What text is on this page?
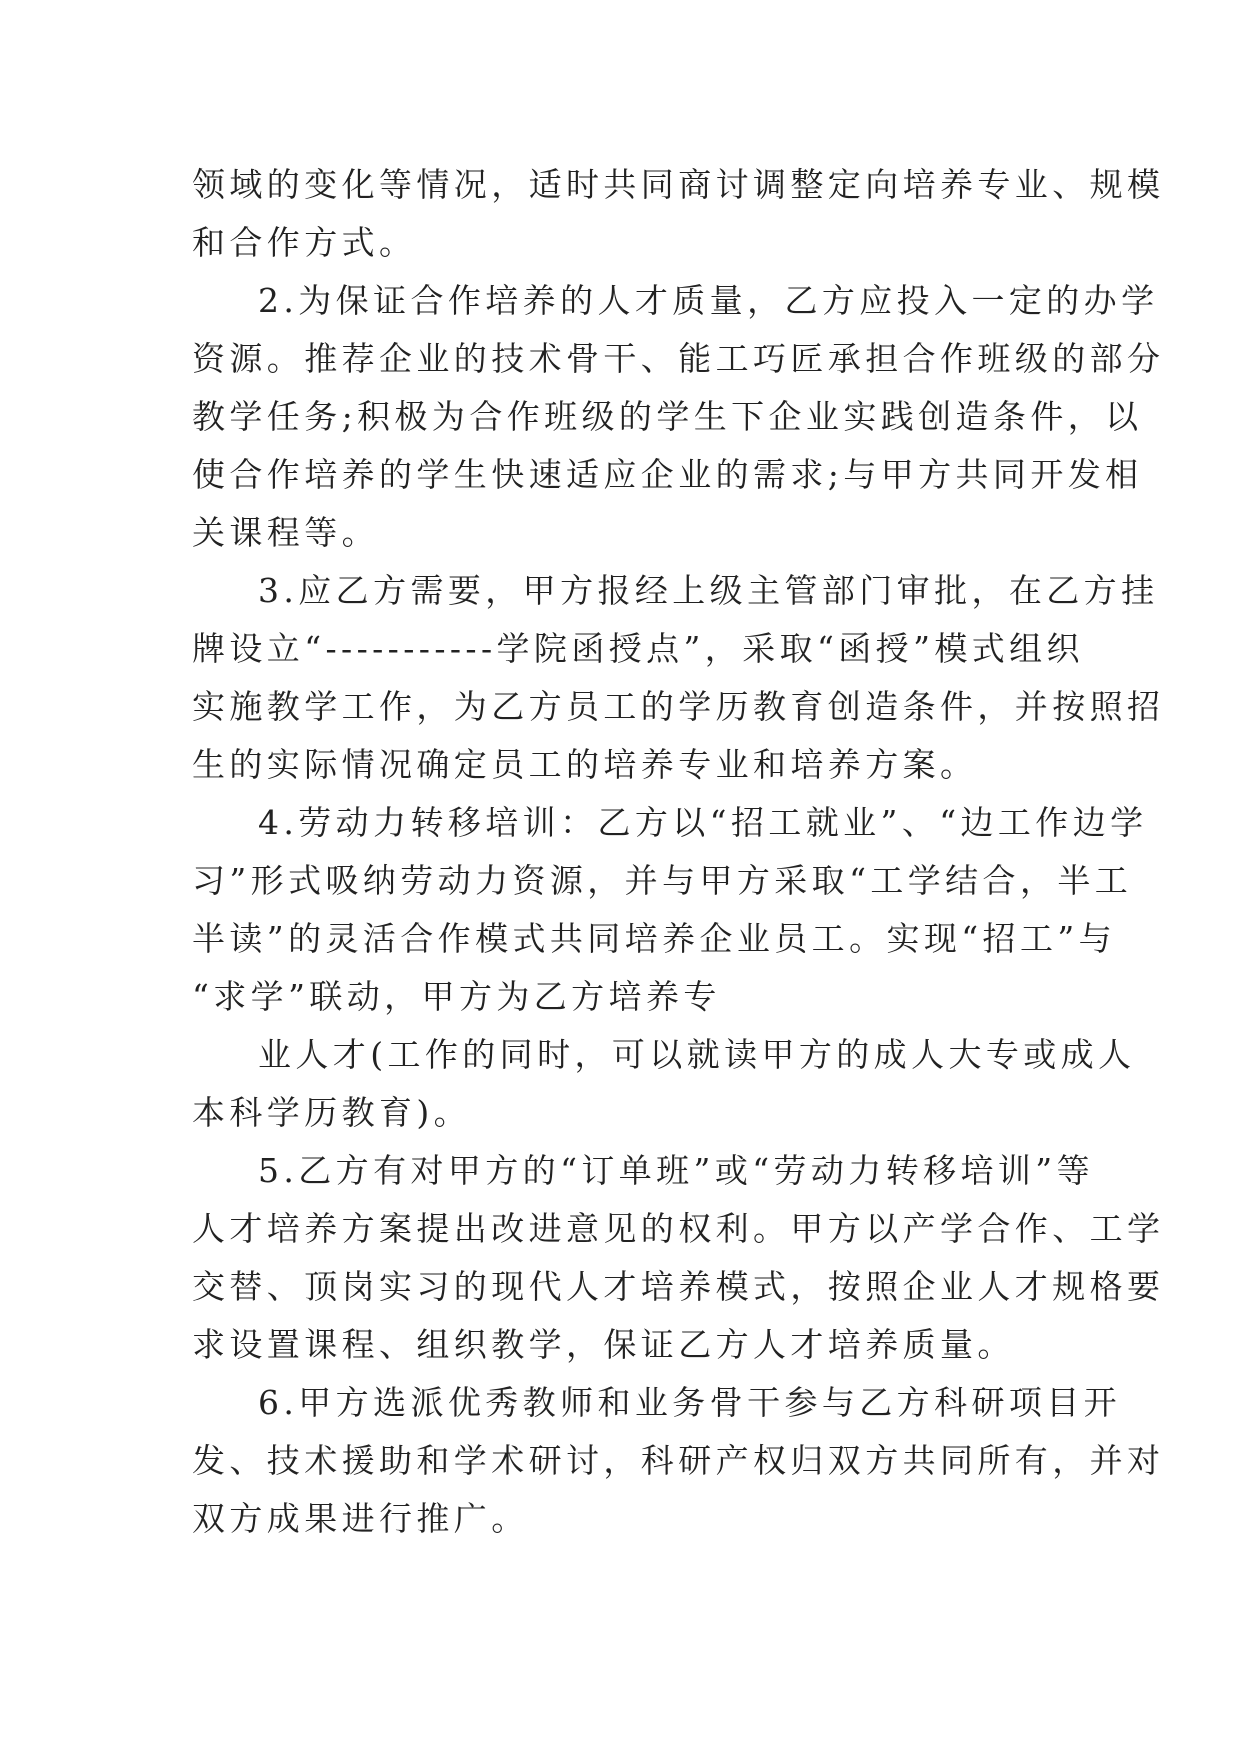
领域的变化等情况，适时共同商讨调整定向培养专业、规模
和合作方式。
2.为保证合作培养的人才质量，乙方应投入一定的办学
资源。推荐企业的技术骨干、能工巧匠承担合作班级的部分
教学任务;积极为合作班级的学生下企业实践创造条件，以
使合作培养的学生快速适应企业的需求;与甲方共同开发相
关课程等。
3.应乙方需要，甲方报经上级主管部门审批，在乙方挂
牌设立“-----------学院函授点”，采取“函授”模式组织
实施教学工作，为乙方员工的学历教育创造条件，并按照招
生的实际情况确定员工的培养专业和培养方案。
4.劳动力转移培训：乙方以“招工就业”、“边工作边学
习”形式吸纳劳动力资源，并与甲方采取“工学结合，半工
半读”的灵活合作模式共同培养企业员工。实现“招工”与
“求学”联动，甲方为乙方培养专
业人才(工作的同时，可以就读甲方的成人大专或成人
本科学历教育)。
5.乙方有对甲方的“订单班”或“劳动力转移培训”等
人才培养方案提出改进意见的权利。甲方以产学合作、工学
交替、顶岗实习的现代人才培养模式，按照企业人才规格要
求设置课程、组织教学，保证乙方人才培养质量。
6.甲方选派优秀教师和业务骨干参与乙方科研项目开
发、技术援助和学术研讨，科研产权归双方共同所有，并对
双方成果进行推广。
